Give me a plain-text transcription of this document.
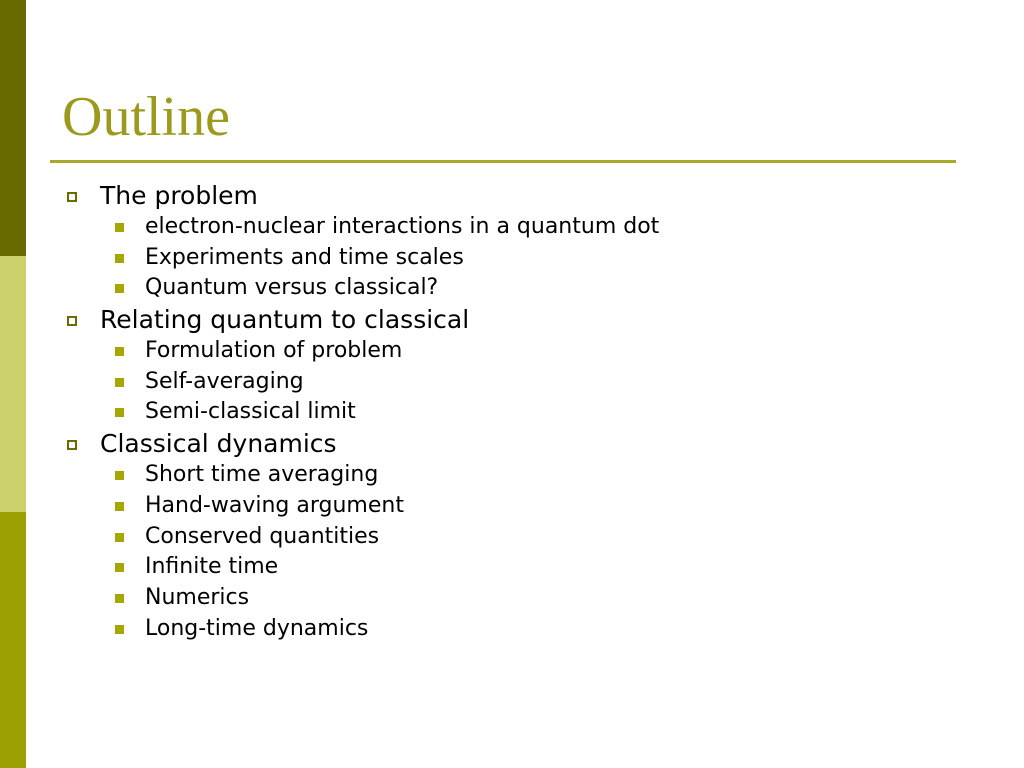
Outline
The problem
electron-nuclear interactions in a quantum dot
Experiments and time scales
Quantum versus classical?
Relating quantum to classical
Formulation of problem
Self-averaging
Semi-classical limit
Classical dynamics
Short time averaging
Hand-waving argument
Conserved quantities
Infinite time
Numerics
Long-time dynamics
